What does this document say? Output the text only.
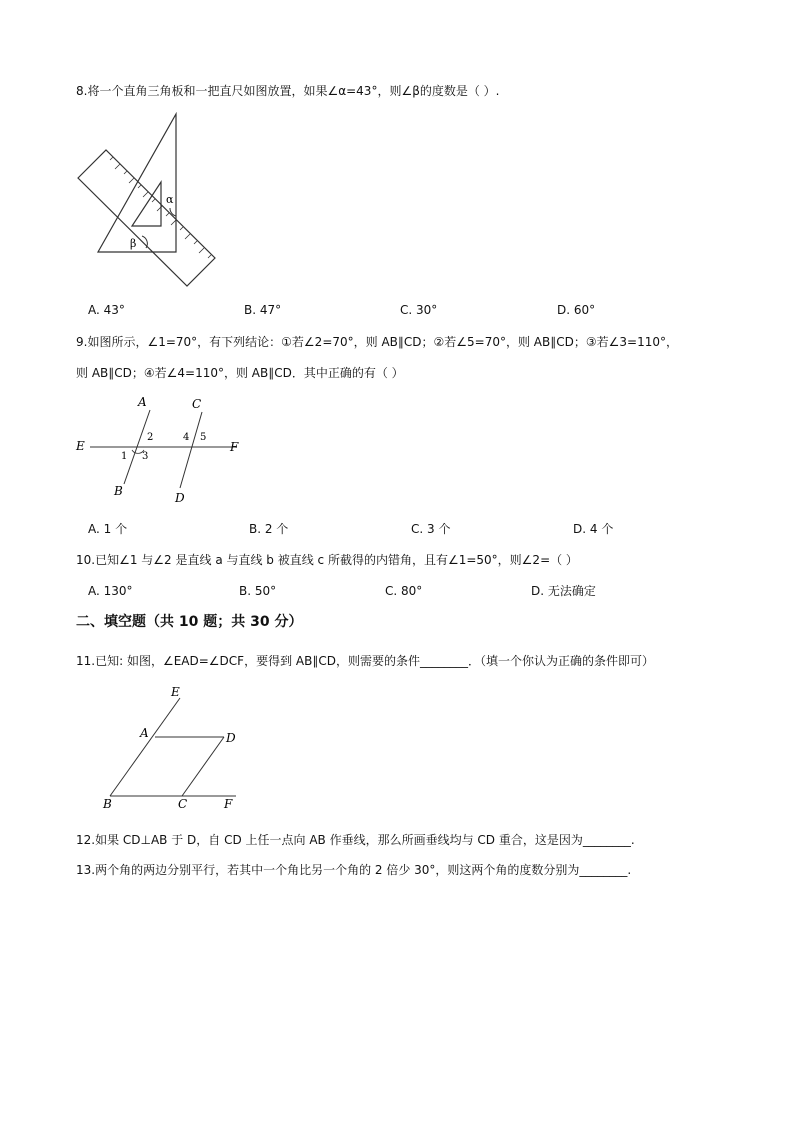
8.将一个直角三角板和一把直尺如图放置，如果∠α=43°，则∠β的度数是（ ）.
α
β
A. 43°	B. 47°	C. 30°	D. 60°
9.如图所示，∠1=70°，有下列结论：①若∠2=70°，则 AB∥CD；②若∠5=70°，则 AB∥CD；③若∠3=110°，
则 AB∥CD；④若∠4=110°，则 AB∥CD．其中正确的有（ ）
E	F
A
B
C
D
1
2
3
4 5
A. 1 个	B. 2 个	C. 3 个	D. 4 个
10.已知∠1 与∠2 是直线 a 与直线 b 被直线 c 所截得的内错角，且有∠1=50°，则∠2=（ ）
A. 130°	B. 50°	C. 80°	D. 无法确定
二、填空题（共 10 题；共 30 分）
11.已知: 如图，∠EAD=∠DCF，要得到 AB∥CD，则需要的条件________．（填一个你认为正确的条件即可）
E
A	D
B	C	F
12.如果 CD⊥AB 于 D，自 CD 上任一点向 AB 作垂线，那么所画垂线均与 CD 重合，这是因为________.
13.两个角的两边分别平行，若其中一个角比另一个角的 2 倍少 30°，则这两个角的度数分别为________.
